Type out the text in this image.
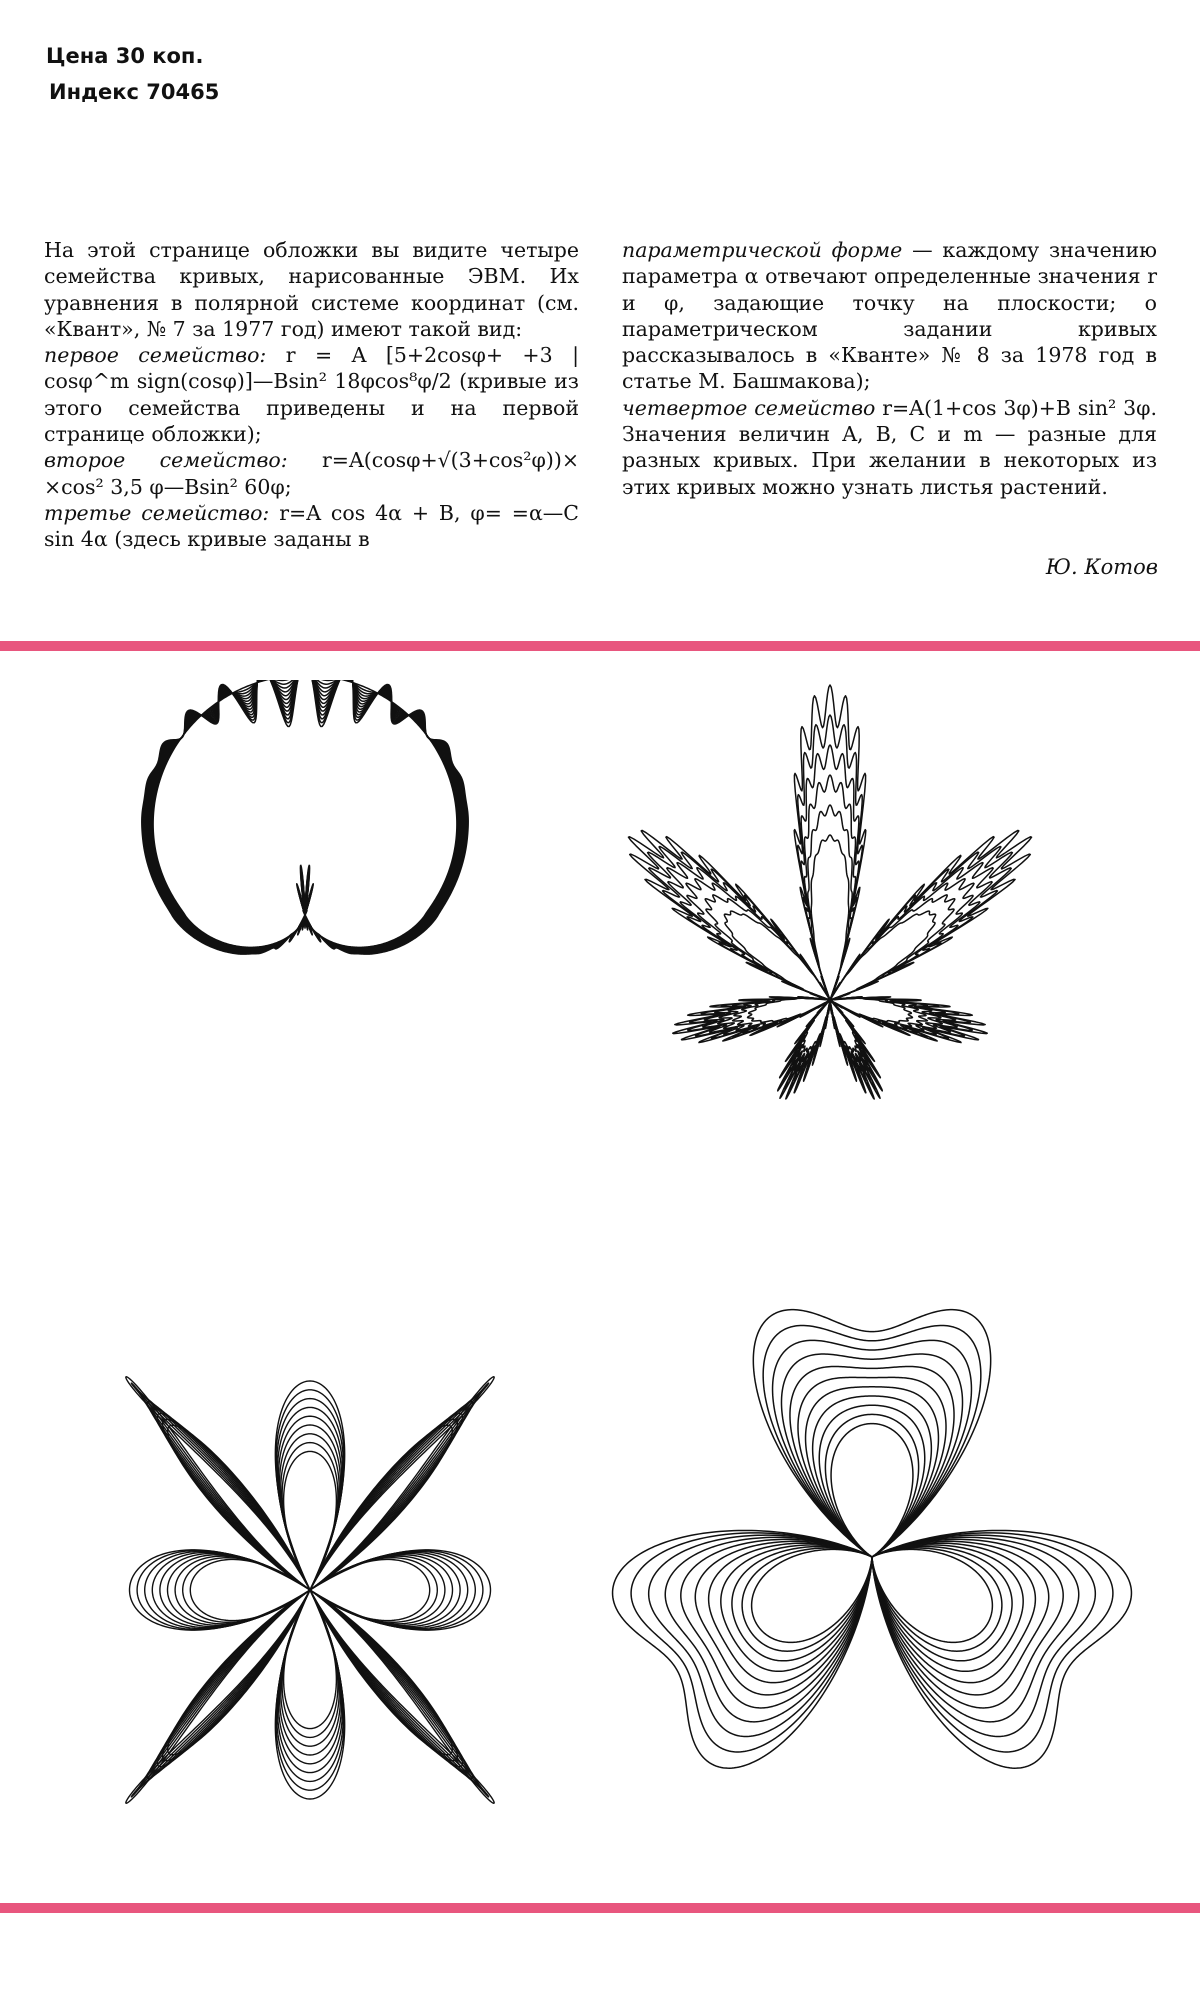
Цена 30 коп.
Индекс 70465

На этой странице обложки вы видите четыре семейства кривых, нарисованные ЭВМ. Их уравнения в полярной системе координат (см. «Квант», № 7 за 1977 год) имеют такой вид:

первое семейство: r = A [5+2cosφ+ +3 | cosφ^m sign(cosφ)]—Bsin² 18φcos⁸φ/2 (кривые из этого семейства приведены и на первой странице обложки);

второе семейство: r=A(cosφ+√(3+cos²φ))× ×cos² 3,5 φ—Bsin² 60φ;

третье семейство: r=A cos 4α + B, φ= =α—C sin 4α (здесь кривые заданы в

параметрической форме — каждому значению параметра α отвечают определенные значения r и φ, задающие точку на плоскости; о параметрическом задании кривых рассказывалось в «Кванте» № 8 за 1978 год в статье М. Башмакова);

четвертое семейство r=A(1+cos 3φ)+B sin² 3φ. Значения величин A, B, C и m — разные для разных кривых. При желании в некоторых из этих кривых можно узнать листья растений.

Ю. Котов
